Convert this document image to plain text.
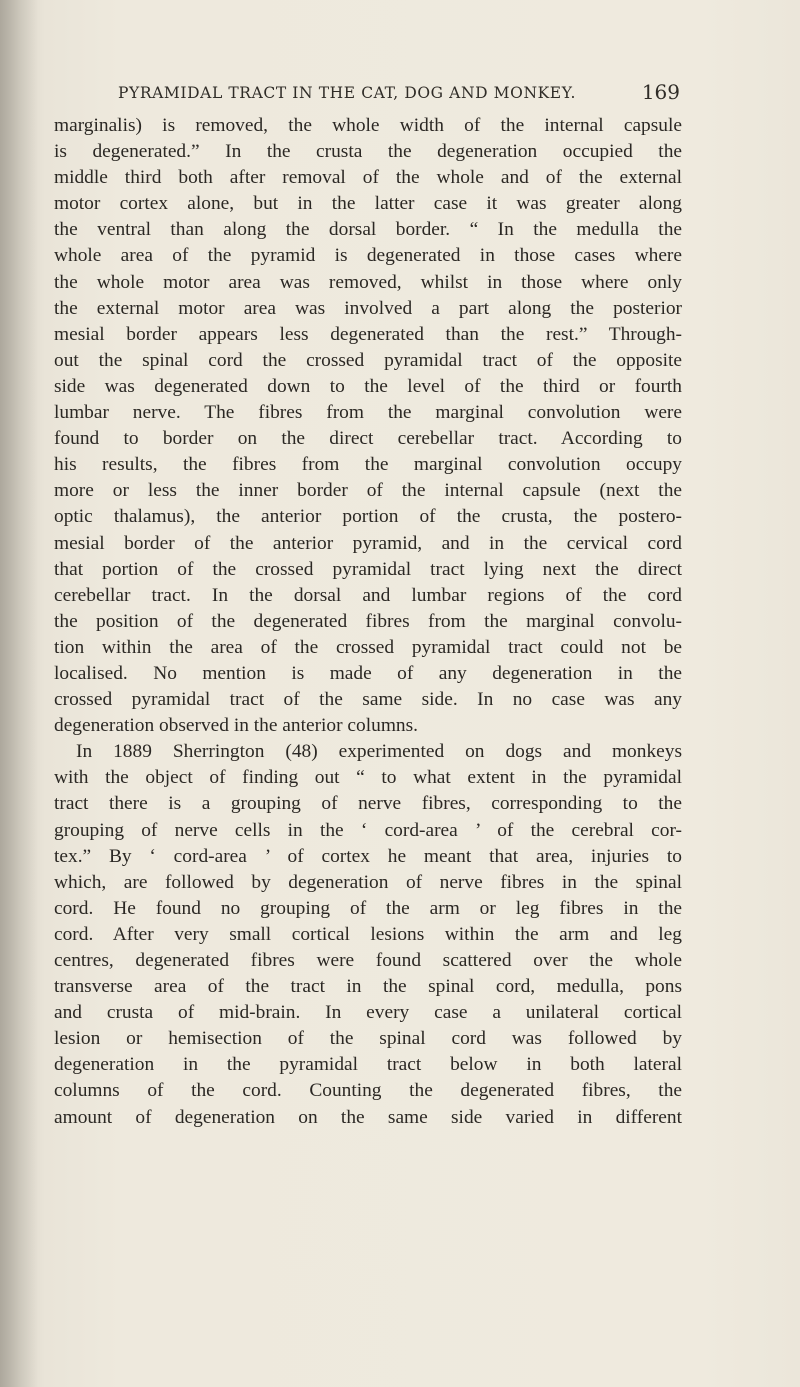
PYRAMIDAL TRACT IN THE CAT, DOG AND MONKEY.	169
marginalis) is removed, the whole width of the internal capsule
is degenerated.” In the crusta the degeneration occupied the
middle third both after removal of the whole and of the external
motor cortex alone, but in the latter case it was greater along
the ventral than along the dorsal border. “ In the medulla the
whole area of the pyramid is degenerated in those cases where
the whole motor area was removed, whilst in those where only
the external motor area was involved a part along the posterior
mesial border appears less degenerated than the rest.” Through-
out the spinal cord the crossed pyramidal tract of the opposite
side was degenerated down to the level of the third or fourth
lumbar nerve. The fibres from the marginal convolution were
found to border on the direct cerebellar tract. According to
his results, the fibres from the marginal convolution occupy
more or less the inner border of the internal capsule (next the
optic thalamus), the anterior portion of the crusta, the postero-
mesial border of the anterior pyramid, and in the cervical cord
that portion of the crossed pyramidal tract lying next the direct
cerebellar tract. In the dorsal and lumbar regions of the cord
the position of the degenerated fibres from the marginal convolu-
tion within the area of the crossed pyramidal tract could not be
localised. No mention is made of any degeneration in the
crossed pyramidal tract of the same side. In no case was any
degeneration observed in the anterior columns.
In 1889 Sherrington (48) experimented on dogs and monkeys
with the object of finding out “ to what extent in the pyramidal
tract there is a grouping of nerve fibres, corresponding to the
grouping of nerve cells in the ‘ cord-area ’ of the cerebral cor-
tex.” By ‘ cord-area ’ of cortex he meant that area, injuries to
which, are followed by degeneration of nerve fibres in the spinal
cord. He found no grouping of the arm or leg fibres in the
cord. After very small cortical lesions within the arm and leg
centres, degenerated fibres were found scattered over the whole
transverse area of the tract in the spinal cord, medulla, pons
and crusta of mid-brain. In every case a unilateral cortical
lesion or hemisection of the spinal cord was followed by
degeneration in the pyramidal tract below in both lateral
columns of the cord. Counting the degenerated fibres, the
amount of degeneration on the same side varied in different
